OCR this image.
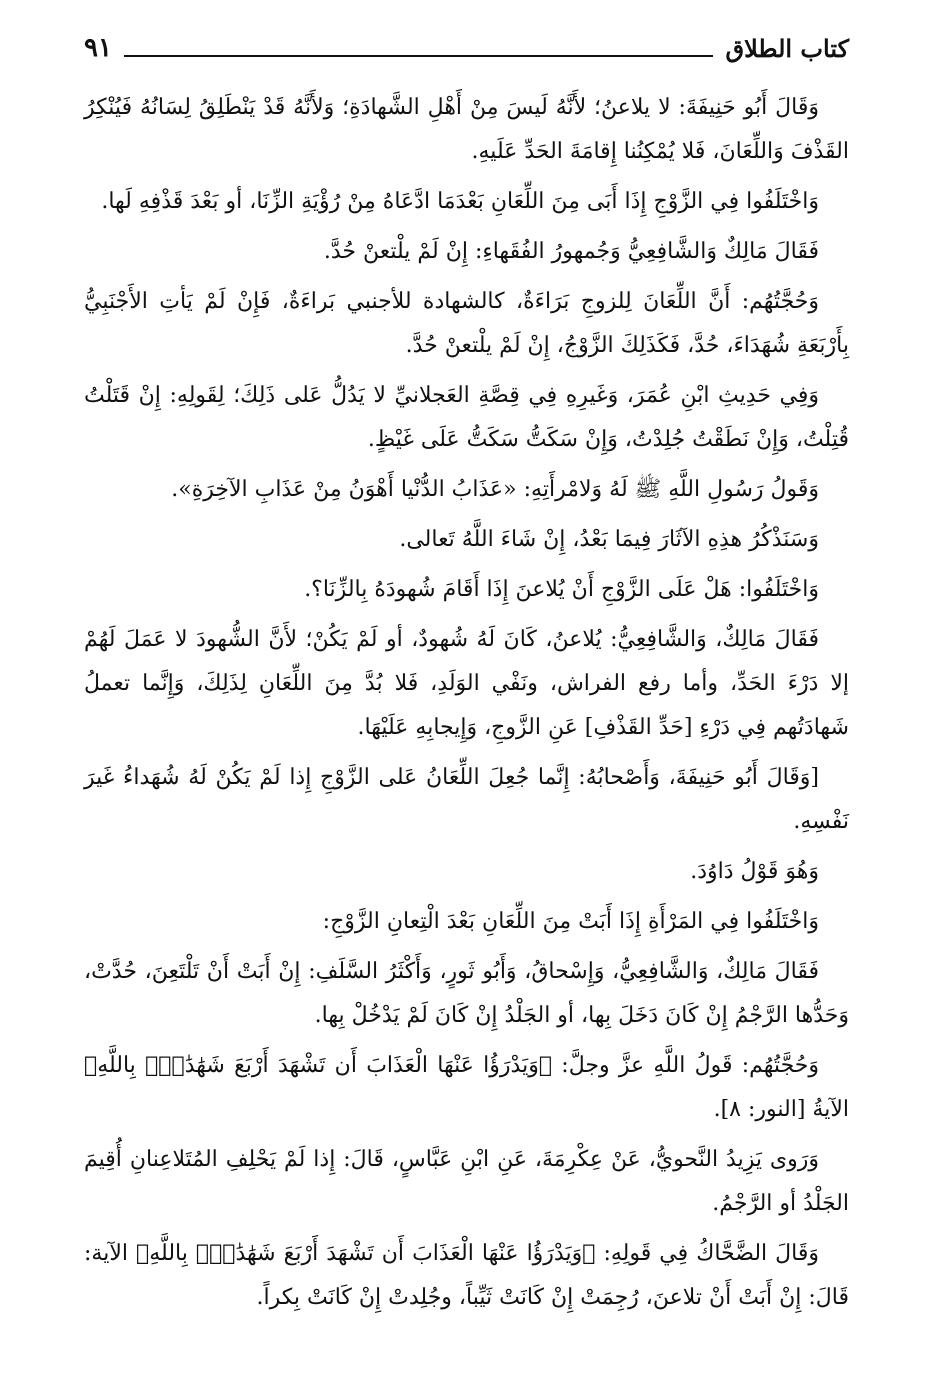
كتاب الطلاق
٩١

وَقَالَ أَبُو حَنِيفَةَ: لا يلاعنُ؛ لأَنَّهُ لَيسَ مِنْ أَهْلِ الشَّهادَةِ؛ وَلأَنَّهُ قَدْ يَنْطَلِقُ لِسَانُهُ فَيُنْكِرُ القَذْفَ وَاللِّعَانَ، فَلا يُمْكِنُنا إِقامَةَ الحَدِّ عَلَيهِ.

وَاخْتَلَفُوا فِي الزَّوْجِ إِذَا أَبَى مِنَ اللِّعَانِ بَعْدَمَا ادَّعَاهُ مِنْ رُؤْيَةِ الزِّنَا، أو بَعْدَ قَذْفِهِ لَها.

فَقَالَ مَالِكٌ وَالشَّافِعِيُّ وَجُمهورُ الفُقَهاءِ: إِنْ لَمْ يلْتعنْ حُدَّ.

وَحُجَّتُهُم: أَنَّ اللِّعَانَ لِلزوجِ بَرَاءَةٌ، كالشهادة للأجنبي بَراءَةٌ، فَإِنْ لَمْ يَأتِ الأَجْنَبِيُّ بِأَرْبَعَةِ شُهَدَاءَ، حُدَّ، فَكَذَلِكَ الزَّوْجُ، إِنْ لَمْ يلْتعنْ حُدَّ.

وَفِي حَدِيثِ ابْنِ عُمَرَ، وَغَيرِهِ فِي قِصَّةِ العَجلانيِّ لا يَدُلُّ عَلى ذَلِكَ؛ لِقَولِهِ: إِنْ قَتَلْتُ قُتِلْتُ، وَإِنْ نَطَقْتُ جُلِدْتُ، وَإِنْ سَكَتُّ سَكَتُّ عَلَى غَيْظٍ.

وَقَولُ رَسُولِ اللَّهِ ﷺ لَهُ وَلامْرأَتِهِ: «عَذَابُ الدُّنْيا أَهْوَنُ مِنْ عَذَابِ الآخِرَةِ».

وَسَنَذْكُرُ هذِهِ الآثَارَ فِيمَا بَعْدُ، إِنْ شَاءَ اللَّهُ تَعالى.

وَاخْتَلَفُوا: هَلْ عَلَى الزَّوْجِ أَنْ يُلاعنَ إِذَا أَقَامَ شُهودَهُ بِالزِّنَا؟.

فَقَالَ مَالِكٌ، وَالشَّافِعِيُّ: يُلاعنُ، كَانَ لَهُ شُهودٌ، أو لَمْ يَكُنْ؛ لأَنَّ الشُّهودَ لا عَمَلَ لَهُمْ إلا دَرْءَ الحَدِّ، وأما رفع الفراش، ونَفْي الوَلَدِ، فَلا بُدَّ مِنَ اللِّعَانِ لِذَلِكَ، وَإِنَّما تعملُ شَهادَتُهم فِي دَرْءِ [حَدِّ القَذْفِ] عَنِ الزَّوجِ، وَإِيجابِهِ عَلَيْهَا.

[وَقَالَ أَبُو حَنِيفَةَ، وَأَصْحابُهُ: إِنَّما جُعِلَ اللِّعَانُ عَلى الزَّوْجِ إِذا لَمْ يَكُنْ لَهُ شُهَداءُ غَيرَ نَفْسِهِ.

وَهُوَ قَوْلُ دَاوُدَ.

وَاخْتَلَفُوا فِي المَرْأَةِ إِذَا أَبَتْ مِنَ اللِّعَانِ بَعْدَ الْتِعانِ الزَّوْجِ:

فَقَالَ مَالِكٌ، وَالشَّافِعِيُّ، وَإِسْحاقُ، وَأَبُو ثَورٍ، وَأَكْثَرُ السَّلَفِ: إِنْ أَبَتْ أَنْ تَلْتَعِنَ، حُدَّتْ، وَحَدُّها الرَّجْمُ إِنْ كَانَ دَخَلَ بِها، أو الجَلْدُ إِنْ كَانَ لَمْ يَدْخُلْ بِها.

وَحُجَّتُهُم: قَولُ اللَّهِ عزَّ وجلَّ: ﴿وَيَدْرَؤُا عَنْهَا الْعَذَابَ أَن تَشْهَدَ أَرْبَعَ شَهَٰدَٰتٍۭ بِاللَّهِ﴾ الآيةُ [النور: ٨].

وَرَوى يَزِيدُ النَّحويُّ، عَنْ عِكْرِمَةَ، عَنِ ابْنِ عَبَّاسٍ، قَالَ: إِذا لَمْ يَحْلِفِ المُتَلاعِنانِ أُقِيمَ الجَلْدُ أو الرَّجْمُ.

وَقَالَ الضَّحَّاكُ فِي قَولِهِ: ﴿وَيَدْرَؤُا عَنْهَا الْعَذَابَ أَن تَشْهَدَ أَرْبَعَ شَهَٰدَٰتٍۭ بِاللَّهِ﴾ الآية: قَالَ: إِنْ أَبَتْ أَنْ تلاعنَ، رُجِمَتْ إِنْ كَانَتْ ثَيِّباً، وجُلِدتْ إِنْ كَانَتْ بِكراً.
